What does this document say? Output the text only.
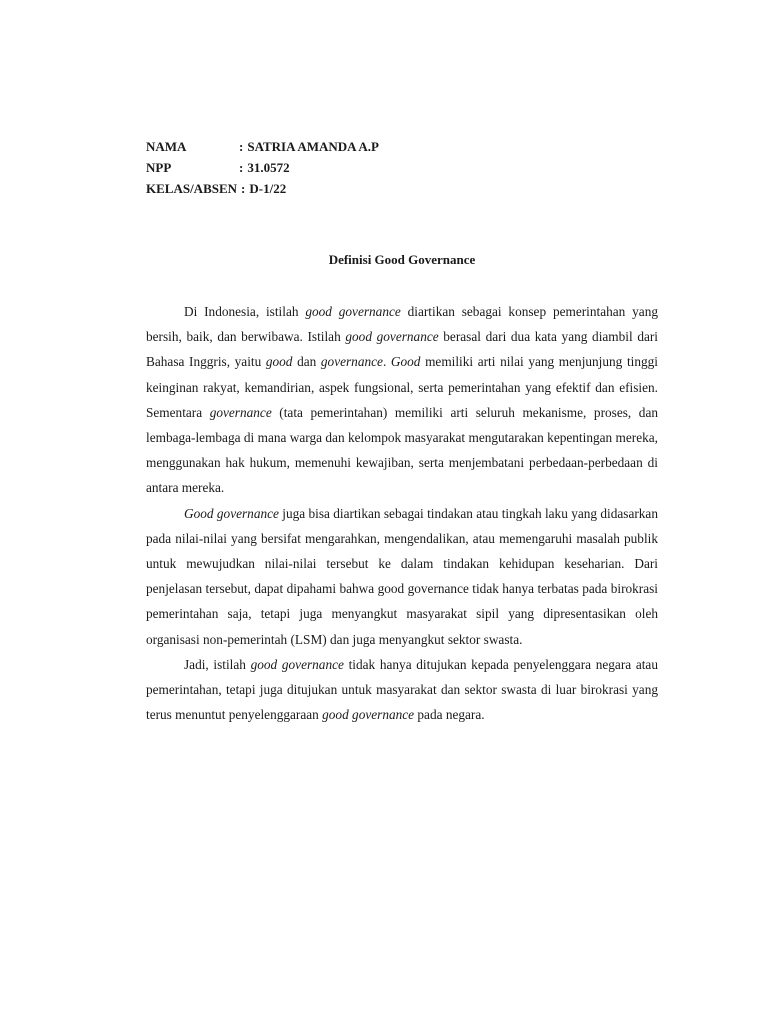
NAMA	: SATRIA AMANDA A.P
NPP	: 31.0572
KELAS/ABSEN : D-1/22
Definisi Good Governance

Di Indonesia, istilah good governance diartikan sebagai konsep pemerintahan yang bersih, baik, dan berwibawa. Istilah good governance berasal dari dua kata yang diambil dari Bahasa Inggris, yaitu good dan governance. Good memiliki arti nilai yang menjunjung tinggi keinginan rakyat, kemandirian, aspek fungsional, serta pemerintahan yang efektif dan efisien. Sementara governance (tata pemerintahan) memiliki arti seluruh mekanisme, proses, dan lembaga-lembaga di mana warga dan kelompok masyarakat mengutarakan kepentingan mereka, menggunakan hak hukum, memenuhi kewajiban, serta menjembatani perbedaan-perbedaan di antara mereka.

Good governance juga bisa diartikan sebagai tindakan atau tingkah laku yang didasarkan pada nilai-nilai yang bersifat mengarahkan, mengendalikan, atau memengaruhi masalah publik untuk mewujudkan nilai-nilai tersebut ke dalam tindakan kehidupan keseharian. Dari penjelasan tersebut, dapat dipahami bahwa good governance tidak hanya terbatas pada birokrasi pemerintahan saja, tetapi juga menyangkut masyarakat sipil yang dipresentasikan oleh organisasi non-pemerintah (LSM) dan juga menyangkut sektor swasta.

Jadi, istilah good governance tidak hanya ditujukan kepada penyelenggara negara atau pemerintahan, tetapi juga ditujukan untuk masyarakat dan sektor swasta di luar birokrasi yang terus menuntut penyelenggaraan good governance pada negara.
